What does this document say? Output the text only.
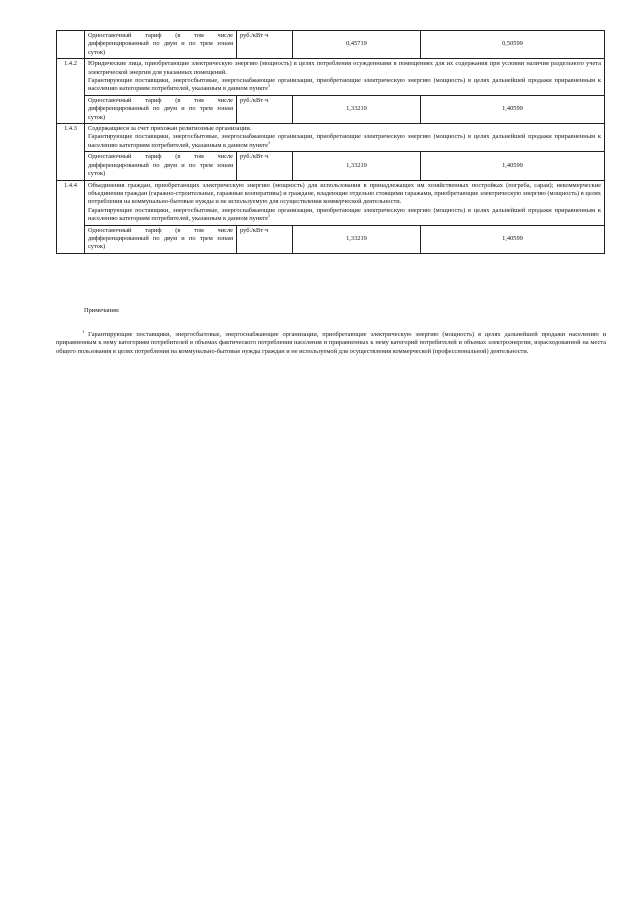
	Одноставочный тариф (в том числе дифференцированный по двум и по трем зонам суток)	руб./кВт·ч	0,45719	0,50599
1.4.2	Юридические лица, приобретающие электрическую энергию (мощность) в целях потребления осужденными в помещениях для их содержания при условии наличия раздельного учета электрической энергии для указанных помещений.

Гарантирующие поставщики, энергосбытовые, энергоснабжающие организации, приобретающие электрическую энергию (мощность) в целях дальнейшей продажи приравненным к населению категориям потребителей, указанным в данном пункте$^1$

	Одноставочный тариф (в том числе дифференцированный по двум и по трем зонам суток)	руб./кВт·ч	1,33219	1,40599
1.4.3	Содержащиеся за счет прихожан религиозные организации.

Гарантирующие поставщики, энергосбытовые, энергоснабжающие организации, приобретающие электрическую энергию (мощность) в целях дальнейшей продажи приравненным к населению категориям потребителей, указанным в данном пункте$^1$

	Одноставочный тариф (в том числе дифференцированный по двум и по трем зонам суток)	руб./кВт·ч	1,33219	1,40599
1.4.4	Объединения граждан, приобретающих электрическую энергию (мощность) для использования в принадлежащих им хозяйственных постройках (погреба, сараи); некоммерческие объединения граждан (гаражно-строительные, гаражные кооперативы) и граждане, владеющие отдельно стоящими гаражами, приобретающие электрическую энергию (мощность) в целях потребления на коммунально-бытовые нужды и не используемую для осуществления коммерческой деятельности.

Гарантирующие поставщики, энергосбытовые, энергоснабжающие организации, приобретающие электрическую энергию (мощность) в целях дальнейшей продажи приравненным к населению категориям потребителей, указанным в данном пункте$^1$

	Одноставочный тариф (в том числе дифференцированный по двум и по трем зонам суток)	руб./кВт·ч	1,33219	1,40599

Примечания:

$^1$ Гарантирующие поставщики, энергосбытовые, энергоснабжающие организации, приобретающие электрическую энергию (мощность) в целях дальнейшей продажи населению и приравненным к нему категориям потребителей в объемах фактического потребления населения и приравненных к нему категорий потребителей и объемах электроэнергии, израсходованной на места общего пользования в целях потребления на коммунально-бытовые нужды граждан и не используемой для осуществления коммерческой (профессиональной) деятельности.
